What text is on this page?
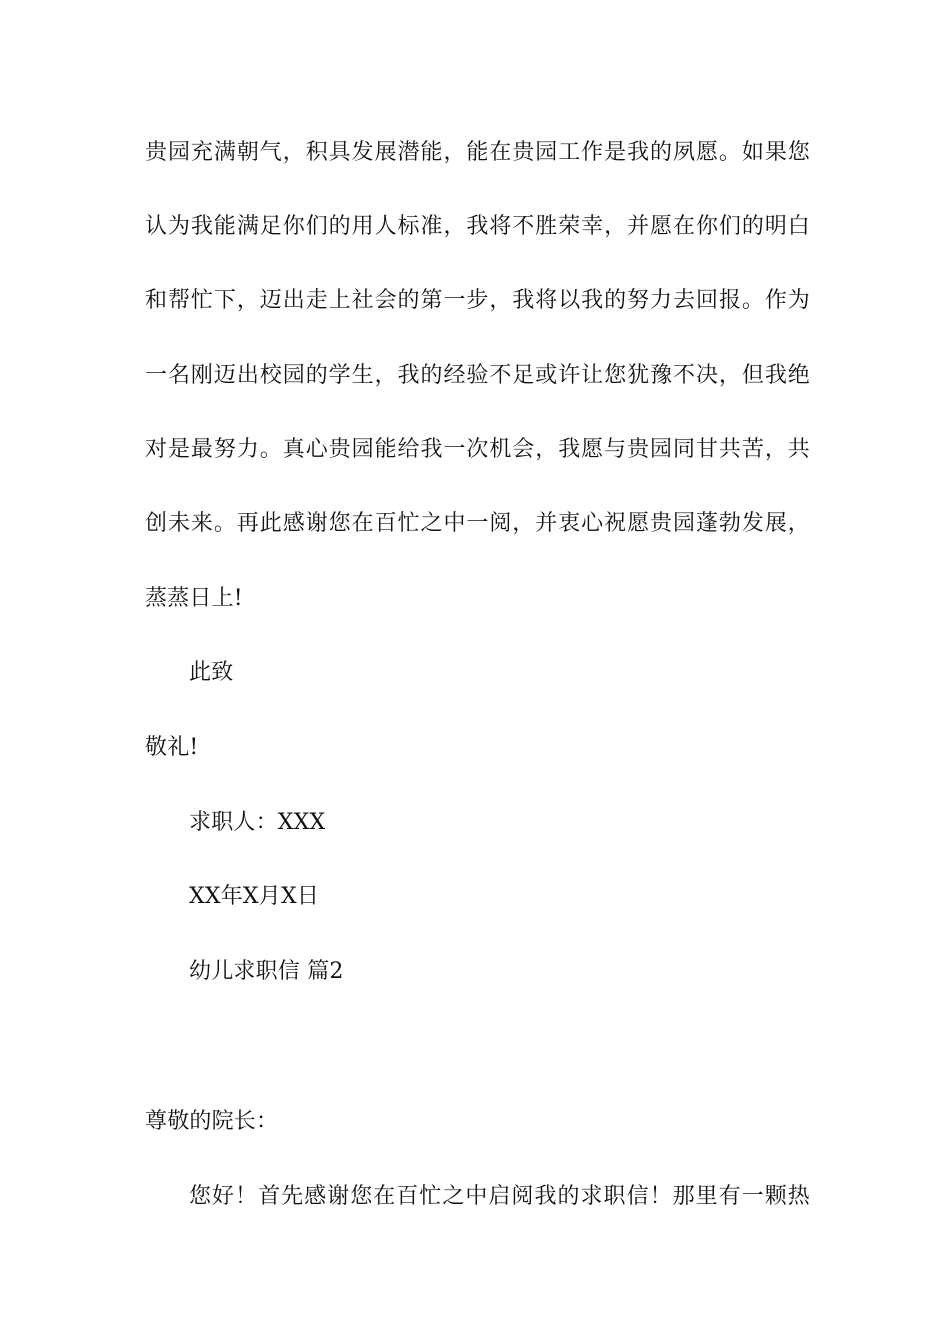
贵园充满朝气，积具发展潜能，能在贵园工作是我的夙愿。如果您
认为我能满足你们的用人标准，我将不胜荣幸，并愿在你们的明白
和帮忙下，迈出走上社会的第一步，我将以我的努力去回报。作为
一名刚迈出校园的学生，我的经验不足或许让您犹豫不决，但我绝
对是最努力。真心贵园能给我一次机会，我愿与贵园同甘共苦，共
创未来。再此感谢您在百忙之中一阅，并衷心祝愿贵园蓬勃发展，
蒸蒸日上!
此致
敬礼!
求职人：XXX
XX年X月X日
幼儿求职信 篇2
尊敬的院长：
您好！首先感谢您在百忙之中启阅我的求职信！那里有一颗热
